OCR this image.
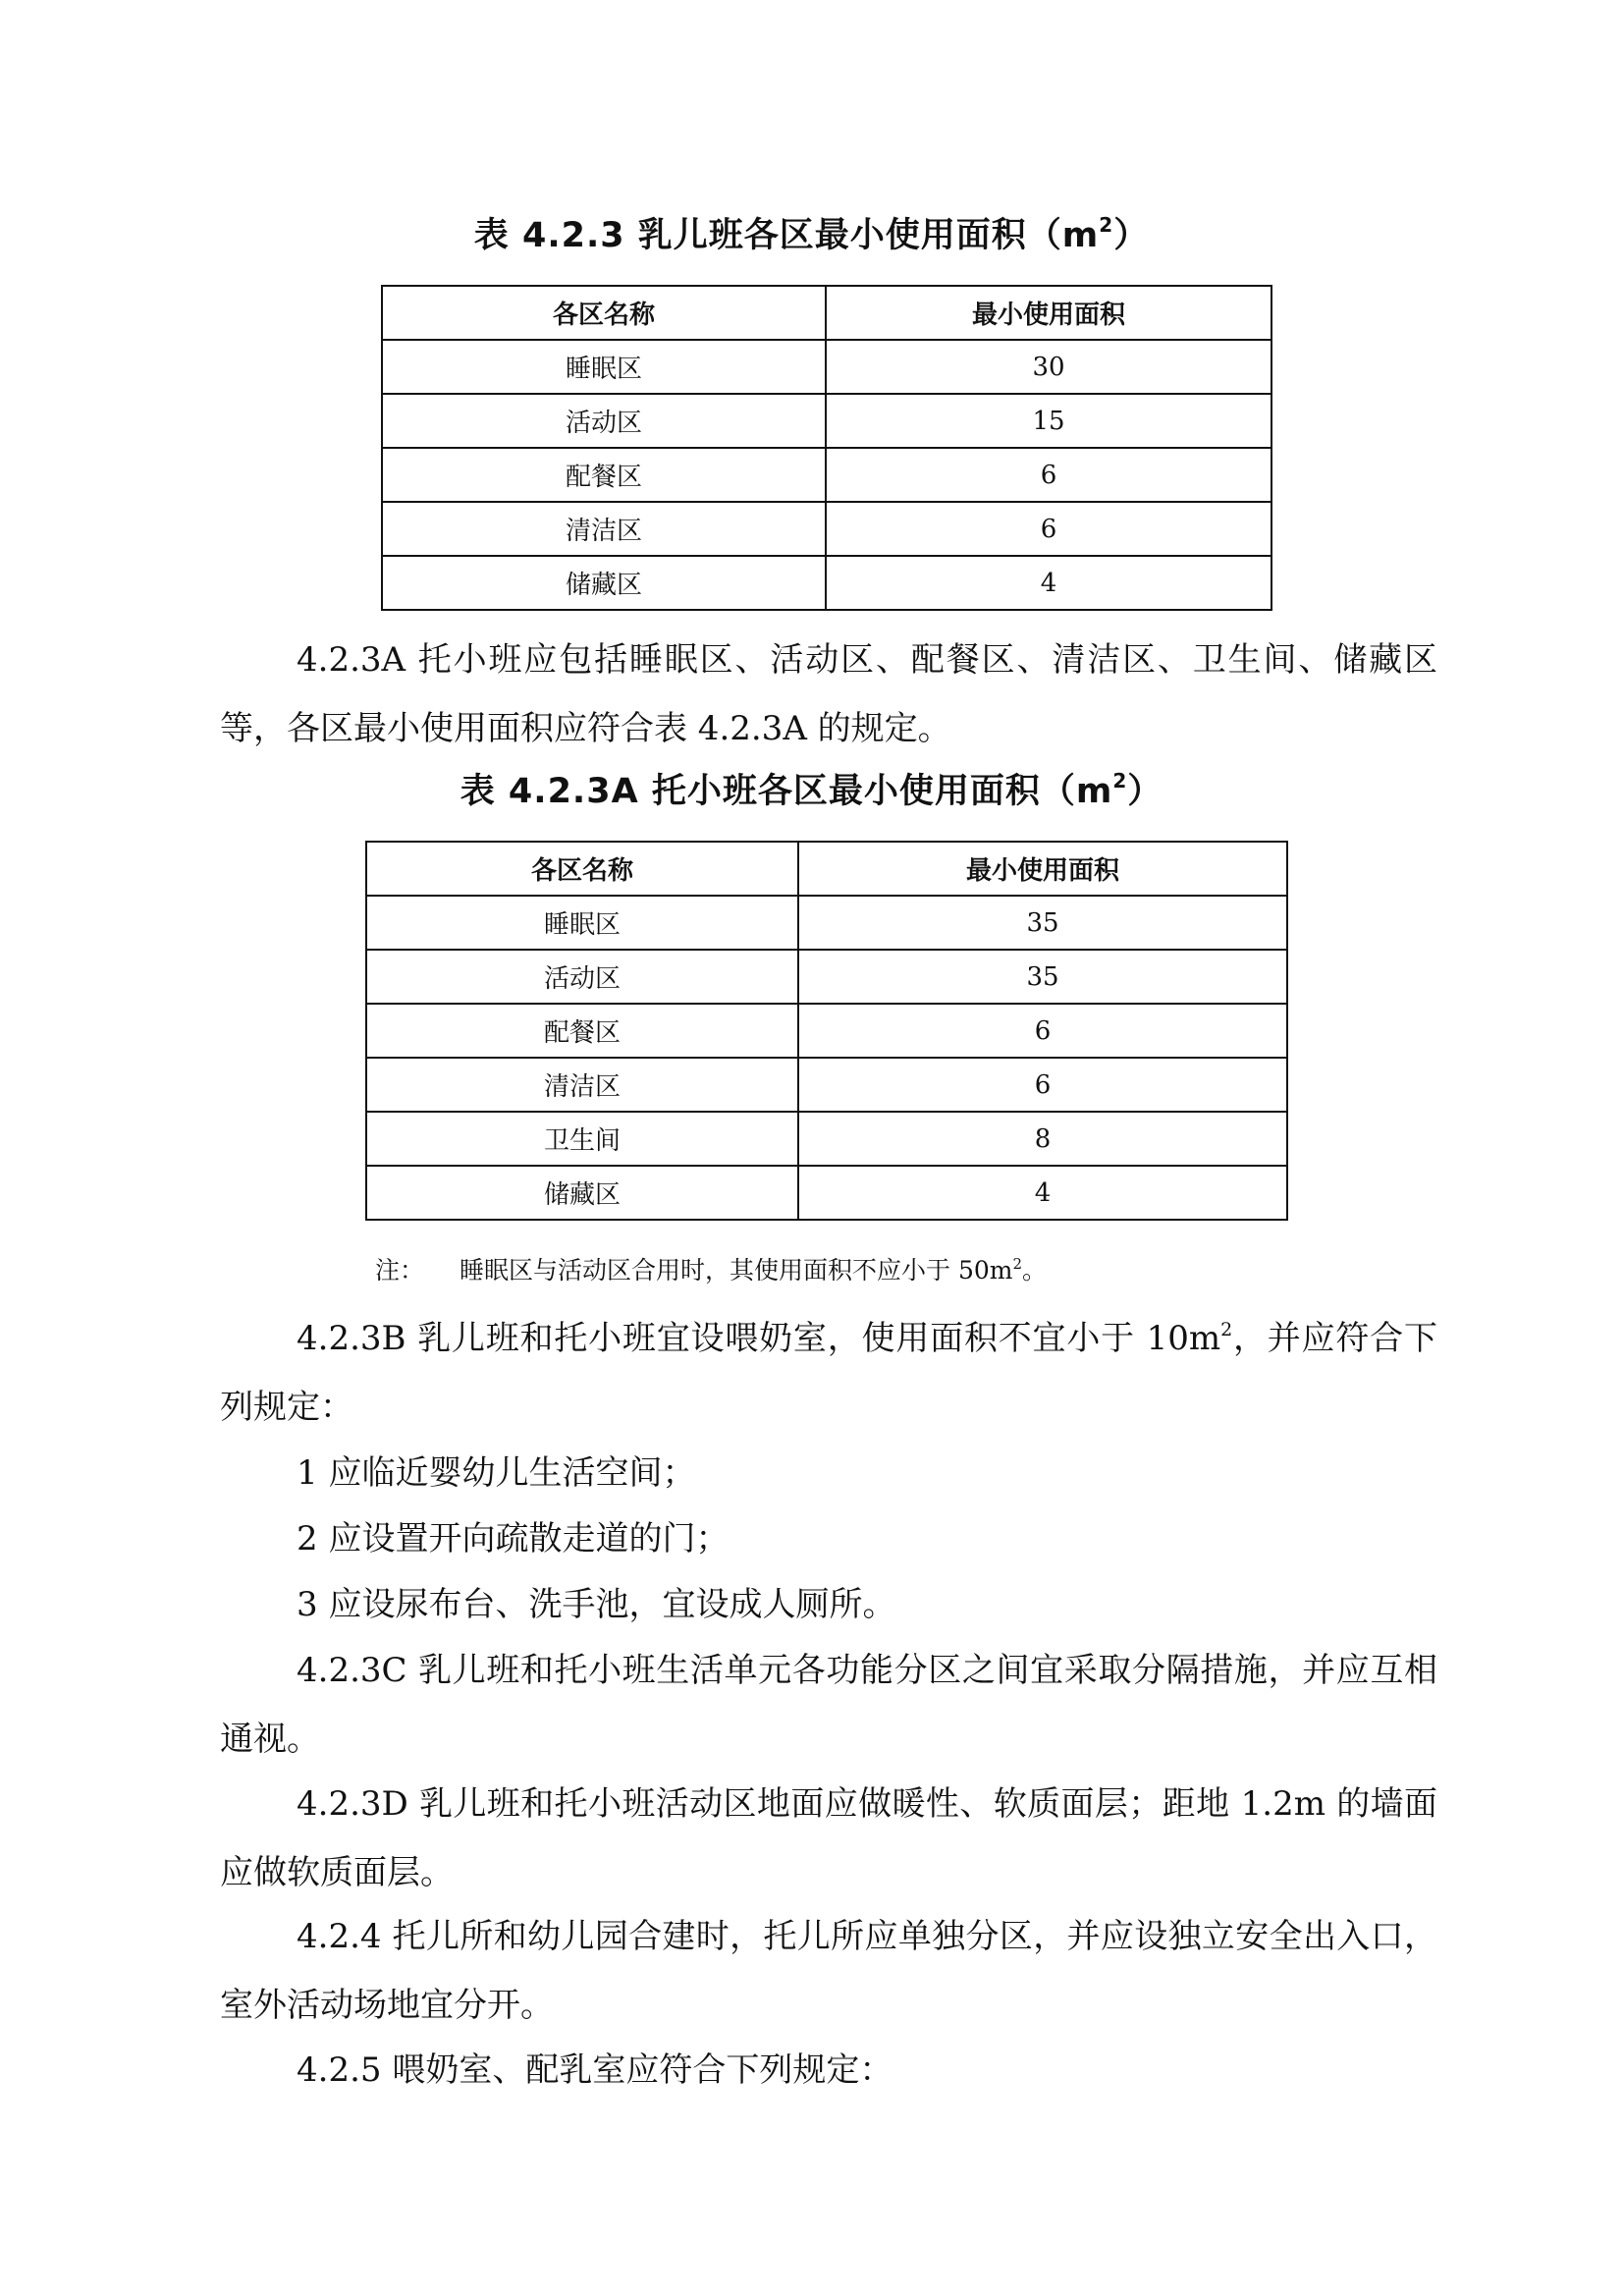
表 4.2.3 乳儿班各区最小使用面积$(m^2)$
各区名称	最小使用面积
睡眠区	30
活动区	15
配餐区	6
清洁区	6
储藏区	4

4.2.3A 托小班应包括睡眠区、活动区、配餐区、清洁区、卫生间、储藏区等，各区最小使用面积应符合表 4.2.3A 的规定。

表 4.2.3A 托小班各区最小使用面积$(m^2)$
各区名称	最小使用面积
睡眠区	35
活动区	35
配餐区	6
清洁区	6
卫生间	8
储藏区	4
注： 睡眠区与活动区合用时，其使用面积不应小于 $50m^2$。

4.2.3B 乳儿班和托小班宜设喂奶室，使用面积不宜小于 $10m^2$，并应符合下列规定：

1 应临近婴幼儿生活空间；

2 应设置开向疏散走道的门；

3 应设尿布台、洗手池，宜设成人厕所。

4.2.3C 乳儿班和托小班生活单元各功能分区之间宜采取分隔措施，并应互相通视。

4.2.3D 乳儿班和托小班活动区地面应做暖性、软质面层；距地 1.2m 的墙面应做软质面层。

4.2.4 托儿所和幼儿园合建时，托儿所应单独分区，并应设独立安全出入口，室外活动场地宜分开。

4.2.5 喂奶室、配乳室应符合下列规定：
